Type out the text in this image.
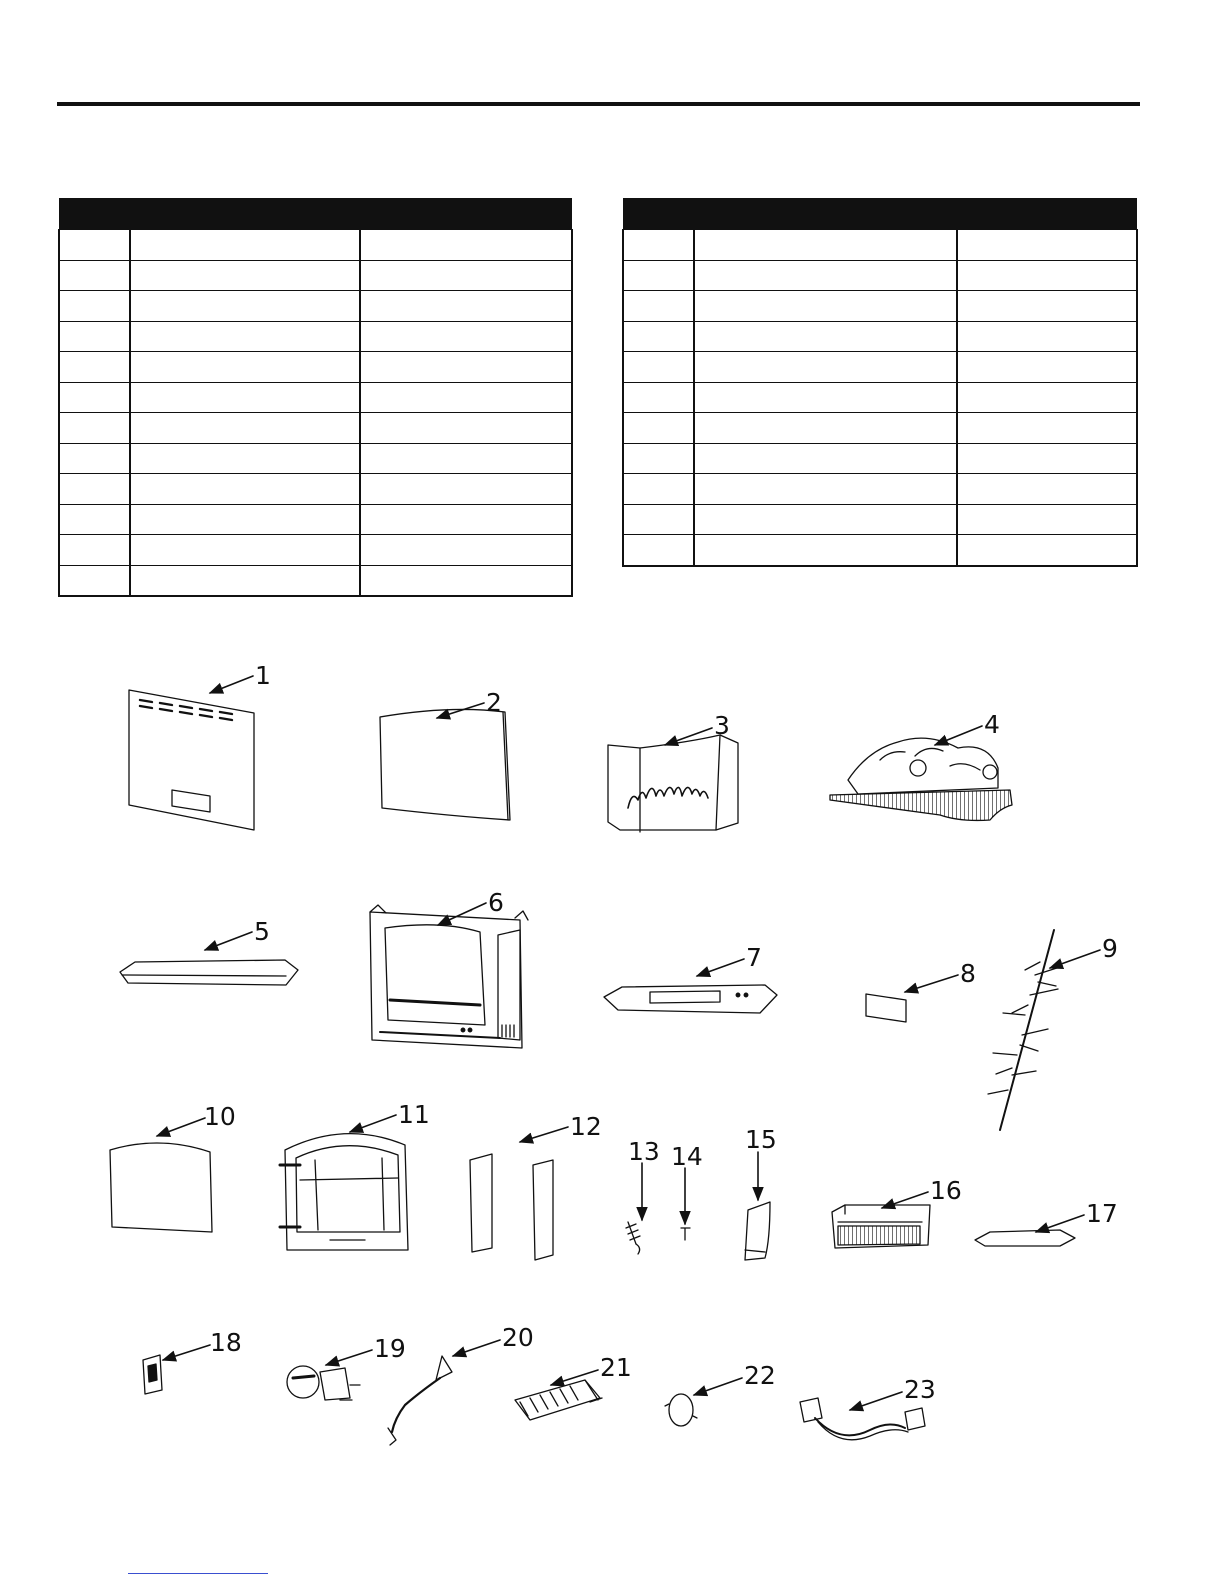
1
2
3	4
5
6
7
8
9
10	11	12
13 14
15
16
17
18	19	20
21	22	23
